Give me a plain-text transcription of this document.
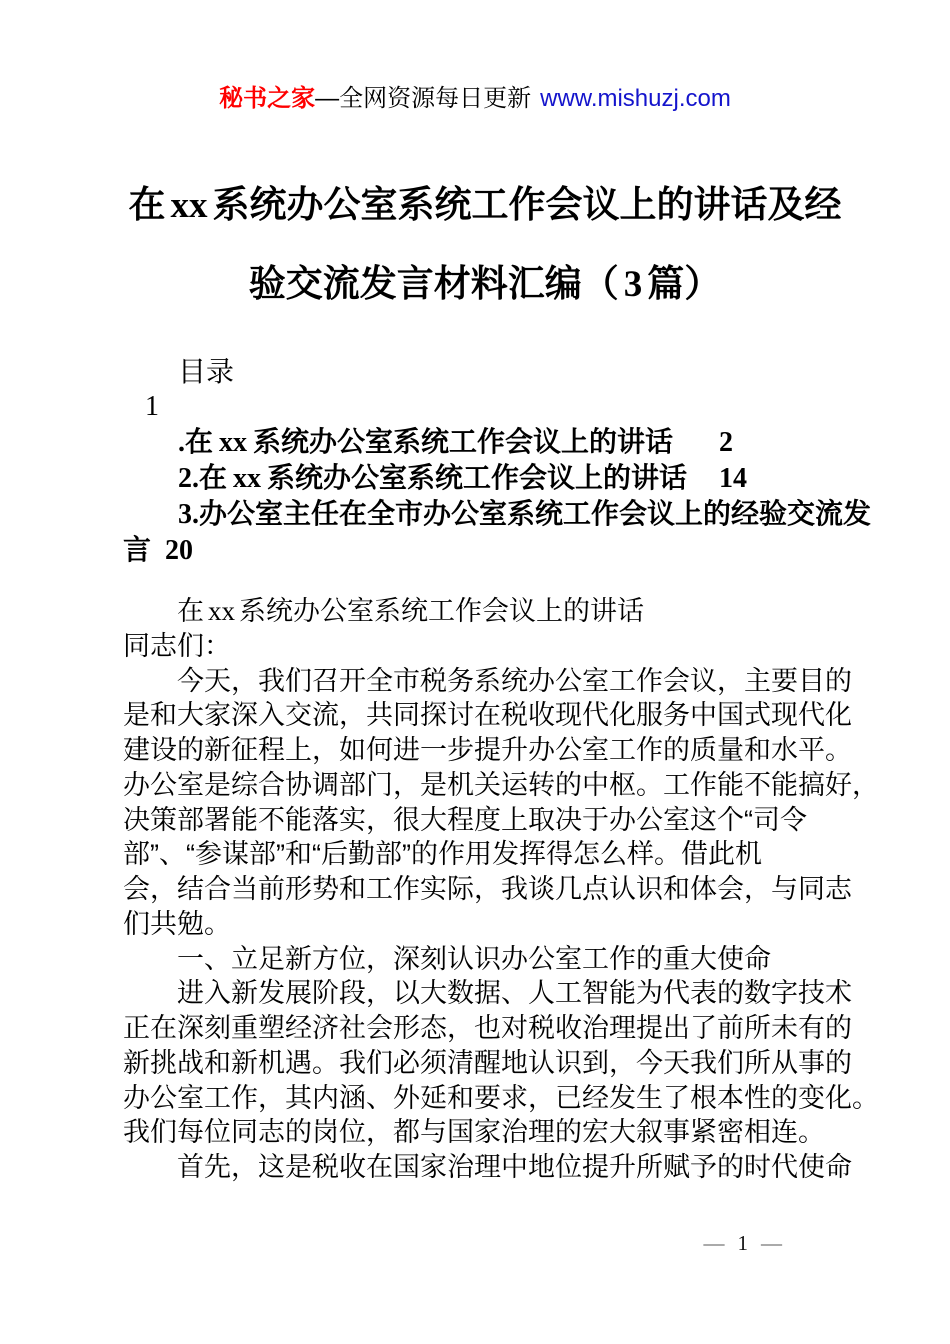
秘书之家—全网资源每日更新 www.mishuzj.com
在 xx 系统办公室系统工作会议上的讲话及经
验交流发言材料汇编（ 3 篇）
目录
1
.在 xx 系统办公室系统工作会议上的讲话 2
2.在 xx 系统办公室系统工作会议上的讲话 14
3.办公室主任在全市办公室系统工作会议上的经验交流发
言 20
在 xx 系统办公室系统工作会议上的讲话
同志们：
今天，我们召开全市税务系统办公室工作会议，主要目的
是和大家深入交流，共同探讨在税收现代化服务中国式现代化
建设的新征程上，如何进一步提升办公室工作的质量和水平。
办公室是综合协调部门，是机关运转的中枢。工作能不能搞好，
决策部署能不能落实，很大程度上取决于办公室这个“司令
部”、“参谋部”和“后勤部”的作用发挥得怎么样。借此机
会，结合当前形势和工作实际，我谈几点认识和体会，与同志
们共勉。
一、立足新方位，深刻认识办公室工作的重大使命
进入新发展阶段，以大数据、人工智能为代表的数字技术
正在深刻重塑经济社会形态，也对税收治理提出了前所未有的
新挑战和新机遇。我们必须清醒地认识到，今天我们所从事的
办公室工作，其内涵、外延和要求，已经发生了根本性的变化。
我们每位同志的岗位，都与国家治理的宏大叙事紧密相连。
首先，这是税收在国家治理中地位提升所赋予的时代使命
— 1 —
